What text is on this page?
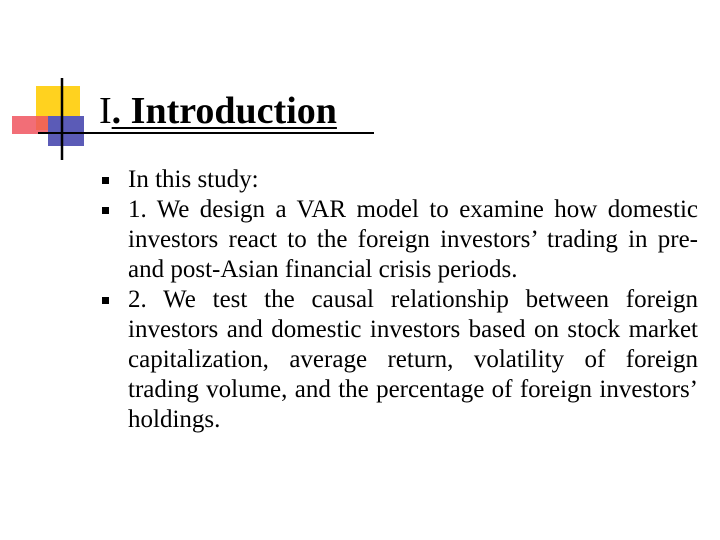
I. Introduction
In this study:
1. We design a VAR model to examine how domestic investors react to the foreign investors’ trading in pre- and post-Asian financial crisis periods.
2. We test the causal relationship between foreign investors and domestic investors based on stock market capitalization, average return, volatility of foreign trading volume, and the percentage of foreign investors’ holdings.
